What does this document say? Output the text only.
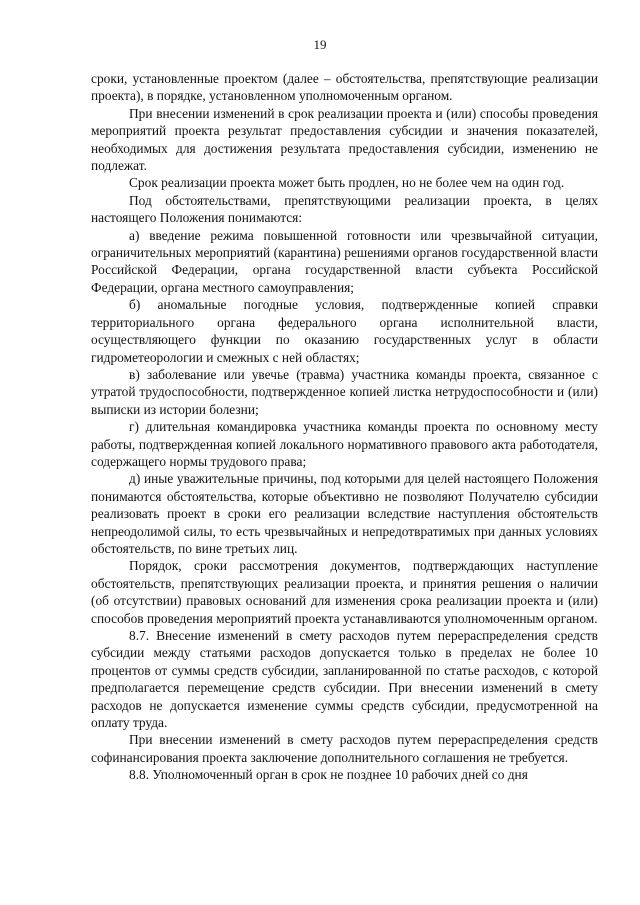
19

сроки, установленные проектом (далее – обстоятельства, препятствующие реализации проекта), в порядке, установленном уполномоченным органом.

При внесении изменений в срок реализации проекта и (или) способы проведения мероприятий проекта результат предоставления субсидии и значения показателей, необходимых для достижения результата предоставления субсидии, изменению не подлежат.

Срок реализации проекта может быть продлен, но не более чем на один год.

Под обстоятельствами, препятствующими реализации проекта, в целях настоящего Положения понимаются:

а) введение режима повышенной готовности или чрезвычайной ситуации, ограничительных мероприятий (карантина) решениями органов государственной власти Российской Федерации, органа государственной власти субъекта Российской Федерации, органа местного самоуправления;

б) аномальные погодные условия, подтвержденные копией справки территориального органа федерального органа исполнительной власти, осуществляющего функции по оказанию государственных услуг в области гидрометеорологии и смежных с ней областях;

в) заболевание или увечье (травма) участника команды проекта, связанное с утратой трудоспособности, подтвержденное копией листка нетрудоспособности и (или) выписки из истории болезни;

г) длительная командировка участника команды проекта по основному месту работы, подтвержденная копией локального нормативного правового акта работодателя, содержащего нормы трудового права;

д) иные уважительные причины, под которыми для целей настоящего Положения понимаются обстоятельства, которые объективно не позволяют Получателю субсидии реализовать проект в сроки его реализации вследствие наступления обстоятельств непреодолимой силы, то есть чрезвычайных и непредотвратимых при данных условиях обстоятельств, по вине третьих лиц.

Порядок, сроки рассмотрения документов, подтверждающих наступление обстоятельств, препятствующих реализации проекта, и принятия решения о наличии (об отсутствии) правовых оснований для изменения срока реализации проекта и (или) способов проведения мероприятий проекта устанавливаются уполномоченным органом.

8.7. Внесение изменений в смету расходов путем перераспределения средств субсидии между статьями расходов допускается только в пределах не более 10 процентов от суммы средств субсидии, запланированной по статье расходов, с которой предполагается перемещение средств субсидии. При внесении изменений в смету расходов не допускается изменение суммы средств субсидии, предусмотренной на оплату труда.

При внесении изменений в смету расходов путем перераспределения средств софинансирования проекта заключение дополнительного соглашения не требуется.

8.8. Уполномоченный орган в срок не позднее 10 рабочих дней со дня
